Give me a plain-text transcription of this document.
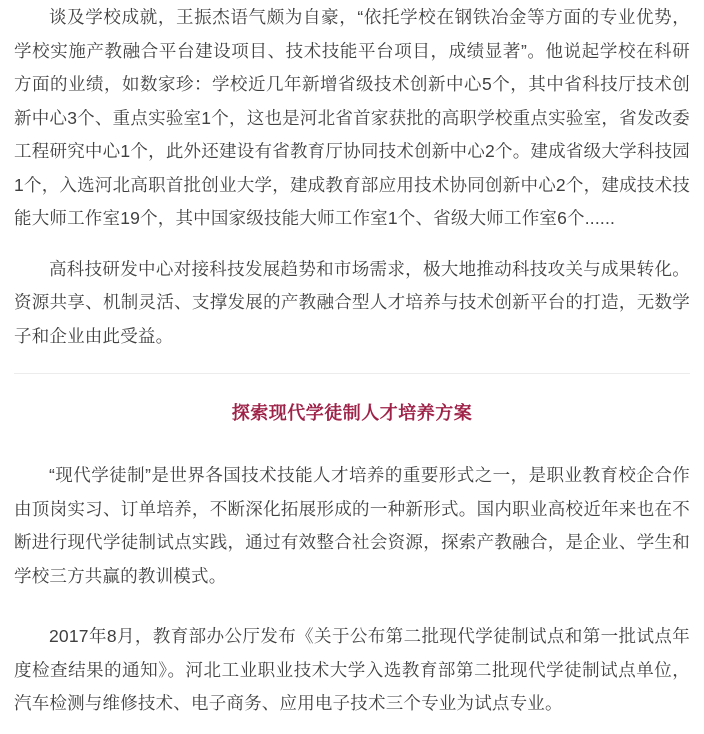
谈及学校成就，王振杰语气颇为自豪，“依托学校在钢铁冶金等方面的专业优势，学校实施产教融合平台建设项目、技术技能平台项目，成绩显著”。他说起学校在科研方面的业绩，如数家珍：学校近几年新增省级技术创新中心5个，其中省科技厅技术创新中心3个、重点实验室1个，这也是河北省首家获批的高职学校重点实验室，省发改委工程研究中心1个，此外还建设有省教育厅协同技术创新中心2个。建成省级大学科技园1个，入选河北高职首批创业大学，建成教育部应用技术协同创新中心2个，建成技术技能大师工作室19个，其中国家级技能大师工作室1个、省级大师工作室6个......

高科技研发中心对接科技发展趋势和市场需求，极大地推动科技攻关与成果转化。资源共享、机制灵活、支撑发展的产教融合型人才培养与技术创新平台的打造，无数学子和企业由此受益。

探索现代学徒制人才培养方案

“现代学徒制”是世界各国技术技能人才培养的重要形式之一，是职业教育校企合作由顶岗实习、订单培养，不断深化拓展形成的一种新形式。国内职业高校近年来也在不断进行现代学徒制试点实践，通过有效整合社会资源，探索产教融合，是企业、学生和学校三方共赢的教训模式。

2017年8月，教育部办公厅发布《关于公布第二批现代学徒制试点和第一批试点年度检查结果的通知》。河北工业职业技术大学入选教育部第二批现代学徒制试点单位，汽车检测与维修技术、电子商务、应用电子技术三个专业为试点专业。
